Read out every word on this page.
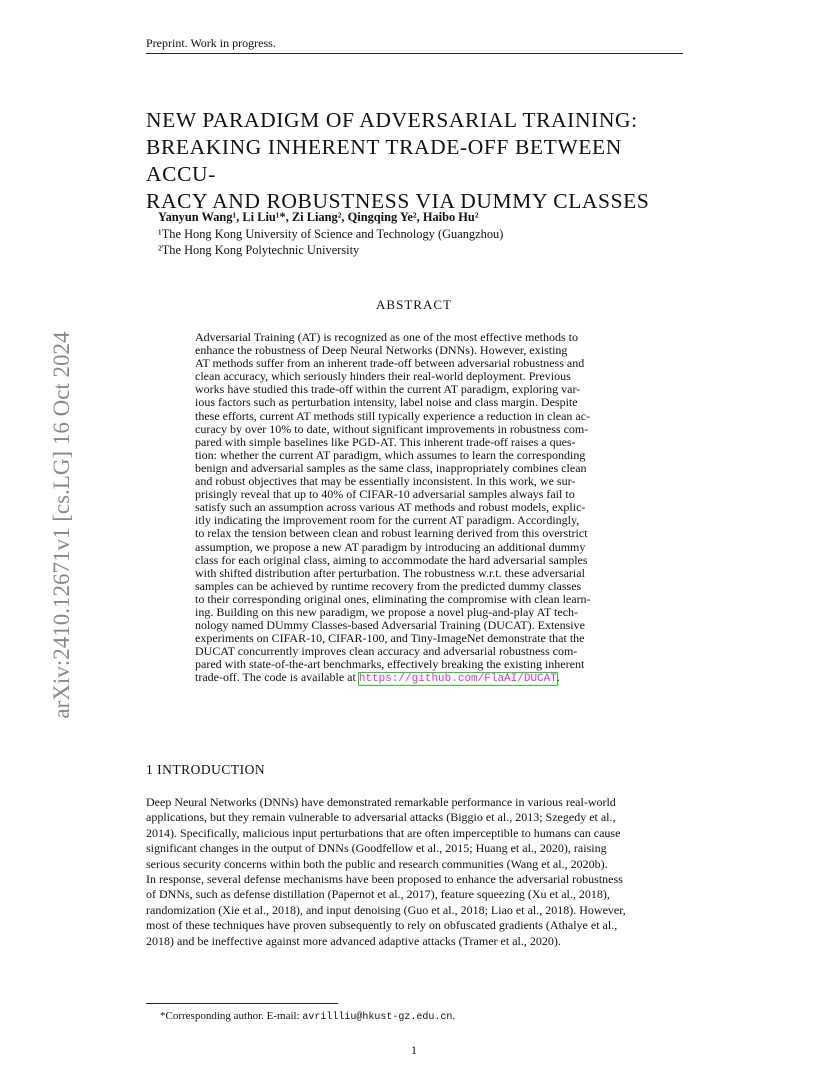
Preprint. Work in progress.
arXiv:2410.12671v1 [cs.LG] 16 Oct 2024
NEW PARADIGM OF ADVERSARIAL TRAINING:
BREAKING INHERENT TRADE-OFF BETWEEN ACCU-
RACY AND ROBUSTNESS VIA DUMMY CLASSES
Yanyun Wang¹, Li Liu¹*, Zi Liang², Qingqing Ye², Haibo Hu²
¹The Hong Kong University of Science and Technology (Guangzhou)
²The Hong Kong Polytechnic University
ABSTRACT
Adversarial Training (AT) is recognized as one of the most effective methods to
enhance the robustness of Deep Neural Networks (DNNs). However, existing
AT methods suffer from an inherent trade-off between adversarial robustness and
clean accuracy, which seriously hinders their real-world deployment. Previous
works have studied this trade-off within the current AT paradigm, exploring var-
ious factors such as perturbation intensity, label noise and class margin. Despite
these efforts, current AT methods still typically experience a reduction in clean ac-
curacy by over 10% to date, without significant improvements in robustness com-
pared with simple baselines like PGD-AT. This inherent trade-off raises a ques-
tion: whether the current AT paradigm, which assumes to learn the corresponding
benign and adversarial samples as the same class, inappropriately combines clean
and robust objectives that may be essentially inconsistent. In this work, we sur-
prisingly reveal that up to 40% of CIFAR-10 adversarial samples always fail to
satisfy such an assumption across various AT methods and robust models, explic-
itly indicating the improvement room for the current AT paradigm. Accordingly,
to relax the tension between clean and robust learning derived from this overstrict
assumption, we propose a new AT paradigm by introducing an additional dummy
class for each original class, aiming to accommodate the hard adversarial samples
with shifted distribution after perturbation. The robustness w.r.t. these adversarial
samples can be achieved by runtime recovery from the predicted dummy classes
to their corresponding original ones, eliminating the compromise with clean learn-
ing. Building on this new paradigm, we propose a novel plug-and-play AT tech-
nology named DUmmy Classes-based Adversarial Training (DUCAT). Extensive
experiments on CIFAR-10, CIFAR-100, and Tiny-ImageNet demonstrate that the
DUCAT concurrently improves clean accuracy and adversarial robustness com-
pared with state-of-the-art benchmarks, effectively breaking the existing inherent
trade-off. The code is available at https://github.com/FlaAI/DUCAT.
1 INTRODUCTION
Deep Neural Networks (DNNs) have demonstrated remarkable performance in various real-world
applications, but they remain vulnerable to adversarial attacks (Biggio et al., 2013; Szegedy et al.,
2014). Specifically, malicious input perturbations that are often imperceptible to humans can cause
significant changes in the output of DNNs (Goodfellow et al., 2015; Huang et al., 2020), raising
serious security concerns within both the public and research communities (Wang et al., 2020b).
In response, several defense mechanisms have been proposed to enhance the adversarial robustness
of DNNs, such as defense distillation (Papernot et al., 2017), feature squeezing (Xu et al., 2018),
randomization (Xie et al., 2018), and input denoising (Guo et al., 2018; Liao et al., 2018). However,
most of these techniques have proven subsequently to rely on obfuscated gradients (Athalye et al.,
2018) and be ineffective against more advanced adaptive attacks (Tramer et al., 2020).
*Corresponding author. E-mail: avrillliu@hkust-gz.edu.cn.
1
